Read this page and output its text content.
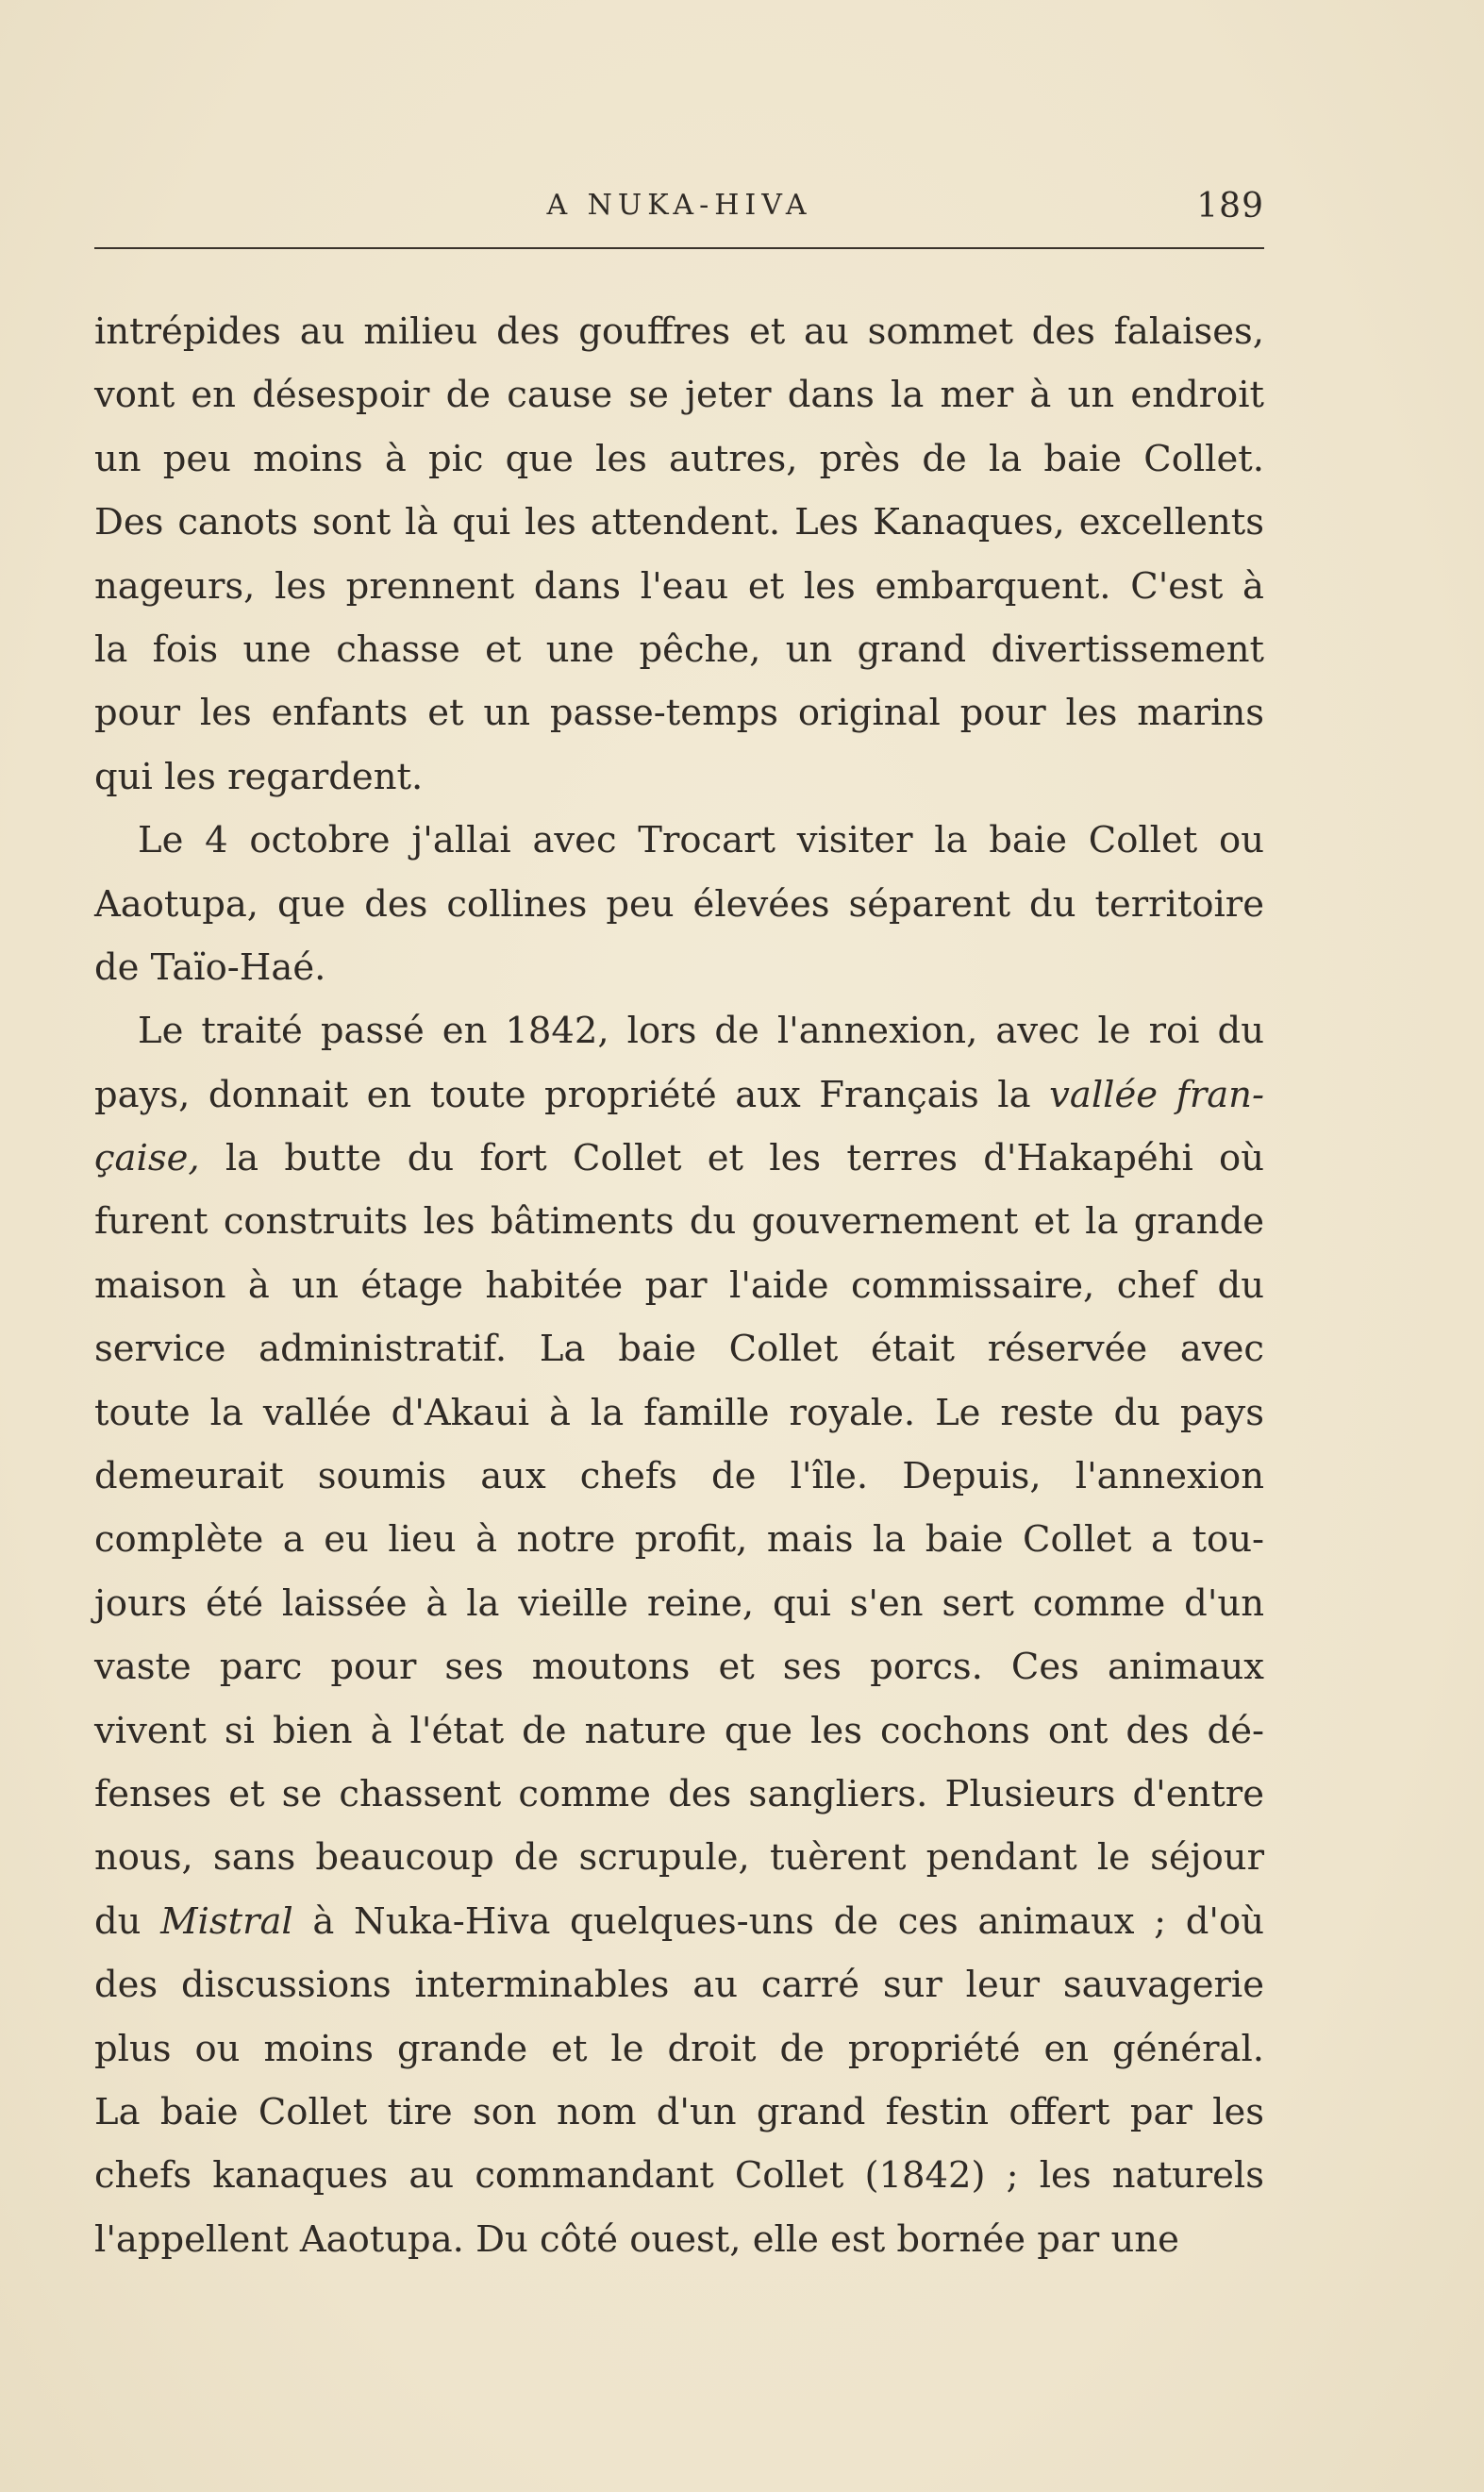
A NUKA-HIVA	189
intrépides au milieu des gouffres et au sommet des falaises,
vont en désespoir de cause se jeter dans la mer à un endroit
un peu moins à pic que les autres, près de la baie Collet.
Des canots sont là qui les attendent. Les Kanaques, excellents
nageurs, les prennent dans l'eau et les embarquent. C'est à
la fois une chasse et une pêche, un grand divertissement
pour les enfants et un passe-temps original pour les marins
qui les regardent.
Le 4 octobre j'allai avec Trocart visiter la baie Collet ou
Aaotupa, que des collines peu élevées séparent du territoire
de Taïo-Haé.
Le traité passé en 1842, lors de l'annexion, avec le roi du
pays, donnait en toute propriété aux Français la vallée fran-
çaise, la butte du fort Collet et les terres d'Hakapéhi où
furent construits les bâtiments du gouvernement et la grande
maison à un étage habitée par l'aide commissaire, chef du
service administratif. La baie Collet était réservée avec
toute la vallée d'Akaui à la famille royale. Le reste du pays
demeurait soumis aux chefs de l'île. Depuis, l'annexion
complète a eu lieu à notre profit, mais la baie Collet a tou-
jours été laissée à la vieille reine, qui s'en sert comme d'un
vaste parc pour ses moutons et ses porcs. Ces animaux
vivent si bien à l'état de nature que les cochons ont des dé-
fenses et se chassent comme des sangliers. Plusieurs d'entre
nous, sans beaucoup de scrupule, tuèrent pendant le séjour
du Mistral à Nuka-Hiva quelques-uns de ces animaux ; d'où
des discussions interminables au carré sur leur sauvagerie
plus ou moins grande et le droit de propriété en général.
La baie Collet tire son nom d'un grand festin offert par les
chefs kanaques au commandant Collet (1842) ; les naturels
l'appellent Aaotupa. Du côté ouest, elle est bornée par une
